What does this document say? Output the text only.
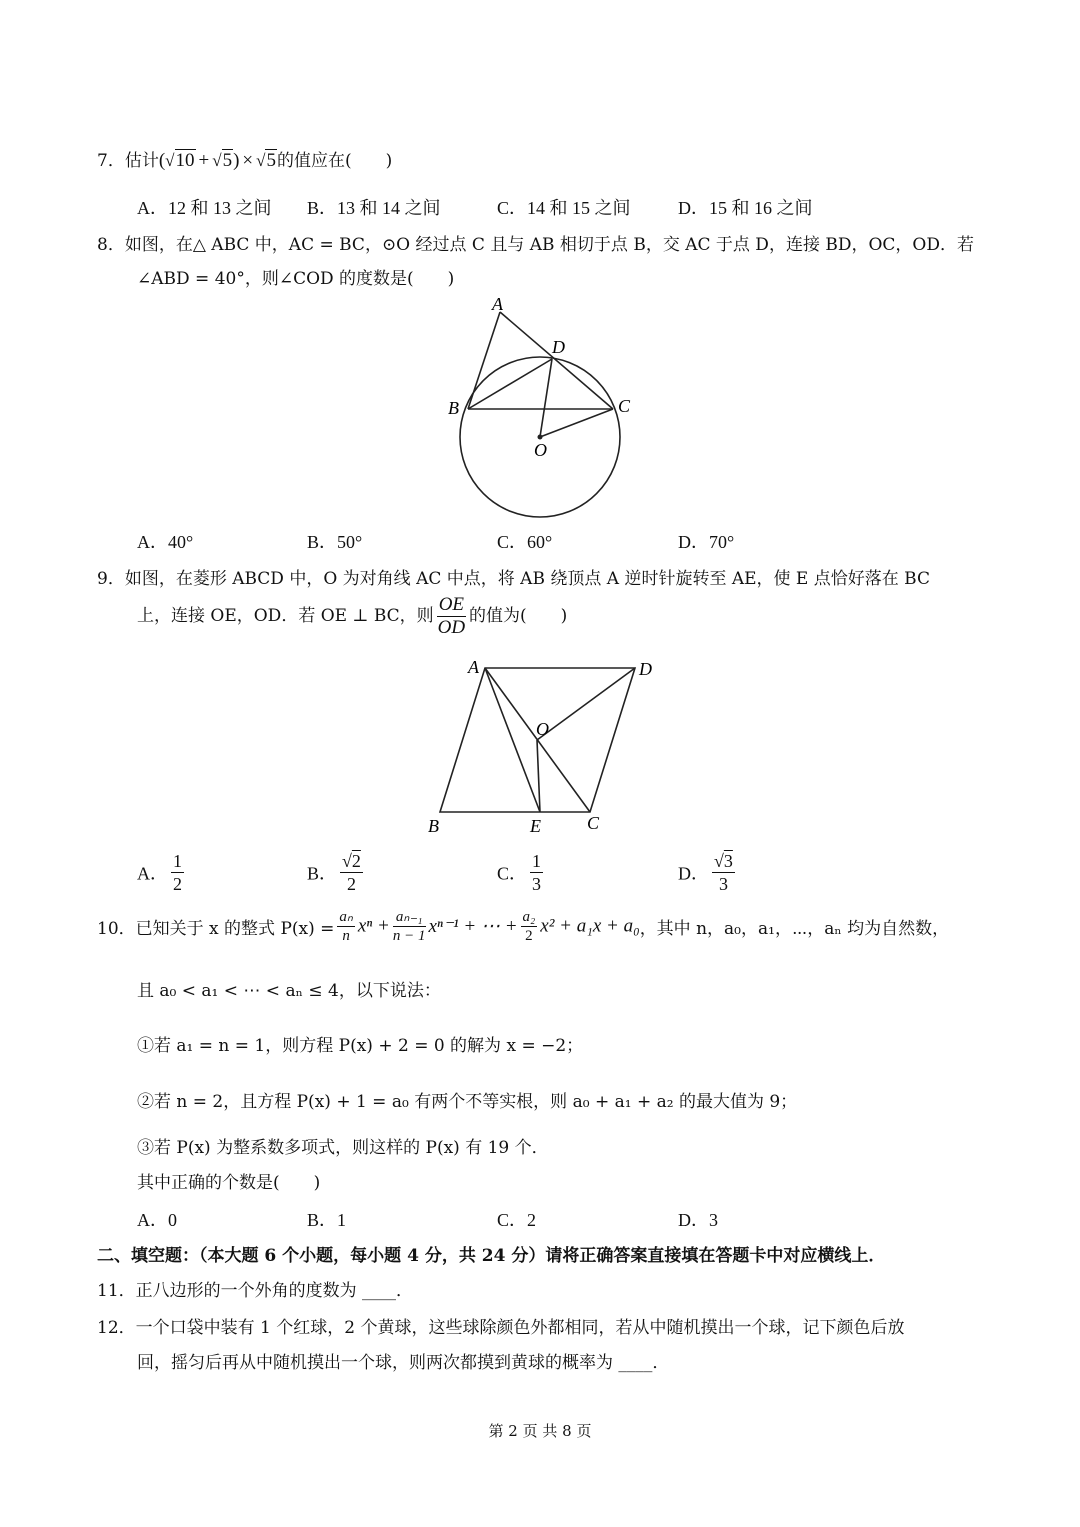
7．估计(√10 + √5) × √5的值应在(　　)
A．12 和 13 之间 B．13 和 14 之间	C．14 和 15 之间	D．15 和 16 之间
8．如图，在△ ABC 中，AC = BC，⊙O 经过点 C 且与 AB 相切于点 B，交 AC 于点 D，连接 BD，OC，OD．若
∠ABD = 40°，则∠COD 的度数是(　　)
A
D
B	C
O
A．40°	B．50°	C．60°	D．70°
9．如图，在菱形 ABCD 中，O 为对角线 AC 中点，将 AB 绕顶点 A 逆时针旋转至 AE，使 E 点恰好落在 BC
上，连接 OE，OD．若 OE ⊥ BC，则 $\frac{OE}{OD}$ 的值为(　　)
A	D
O
B	E	C
A． $\frac{1}{2}$	B． $\frac{√2}{2}$	C． $\frac{1}{3}$	D． $\frac{√3}{3}$
10．已知关于 x 的整式 $P(x) = \frac{\text{aₙ}}{n}$ $x^n + \frac{\text{aₙ₋₁}}{n - 1} x^{n-1}$ + ⋯ + $\frac{\text{a₂}}{2} x^2 + a_1x + a_0$，其中 n，a₀，a₁，⋯，aₙ 均为自然数，
且 a₀ < a₁ < ⋯ < aₙ ≤ 4，以下说法：
①若 a₁ = n = 1，则方程 P(x) + 2 = 0 的解为 x = −2；
②若 n = 2，且方程 P(x) + 1 = a₀ 有两个不等实根，则 a₀ + a₁ + a₂ 的最大值为 9；
③若 P(x) 为整系数多项式，则这样的 P(x) 有 19 个．
其中正确的个数是(　　)
A．0	B．1	C．2	D．3
二、填空题：（本大题 6 个小题，每小题 4 分，共 24 分）请将正确答案直接填在答题卡中对应横线上．
11．正八边形的一个外角的度数为 ____．
12．一个口袋中装有 1 个红球，2 个黄球，这些球除颜色外都相同，若从中随机摸出一个球，记下颜色后放
回，摇匀后再从中随机摸出一个球，则两次都摸到黄球的概率为 ____．
第 2 页 共 8 页
